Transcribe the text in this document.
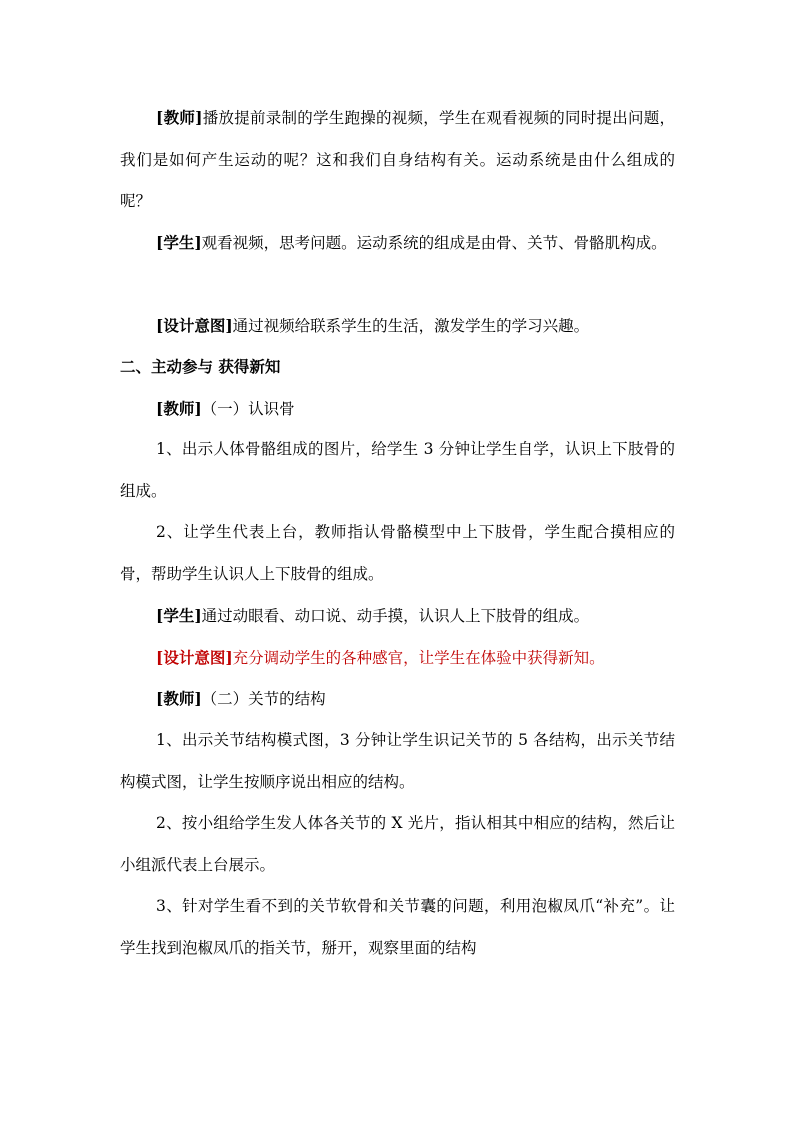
[教师]播放提前录制的学生跑操的视频，学生在观看视频的同时提出问题，我们是如何产生运动的呢？这和我们自身结构有关。运动系统是由什么组成的呢？

[学生]观看视频，思考问题。运动系统的组成是由骨、关节、骨骼肌构成。

[设计意图]通过视频给联系学生的生活，激发学生的学习兴趣。

二、主动参与 获得新知

[教师]（一）认识骨

1、出示人体骨骼组成的图片，给学生 3 分钟让学生自学，认识上下肢骨的组成。

2、让学生代表上台，教师指认骨骼模型中上下肢骨，学生配合摸相应的骨，帮助学生认识人上下肢骨的组成。

[学生]通过动眼看、动口说、动手摸，认识人上下肢骨的组成。

[设计意图]充分调动学生的各种感官，让学生在体验中获得新知。

[教师]（二）关节的结构

1、出示关节结构模式图，3 分钟让学生识记关节的 5 各结构，出示关节结构模式图，让学生按顺序说出相应的结构。

2、按小组给学生发人体各关节的 X 光片，指认相其中相应的结构，然后让小组派代表上台展示。

3、针对学生看不到的关节软骨和关节囊的问题，利用泡椒凤爪“补充”。让学生找到泡椒凤爪的指关节，掰开，观察里面的结构
